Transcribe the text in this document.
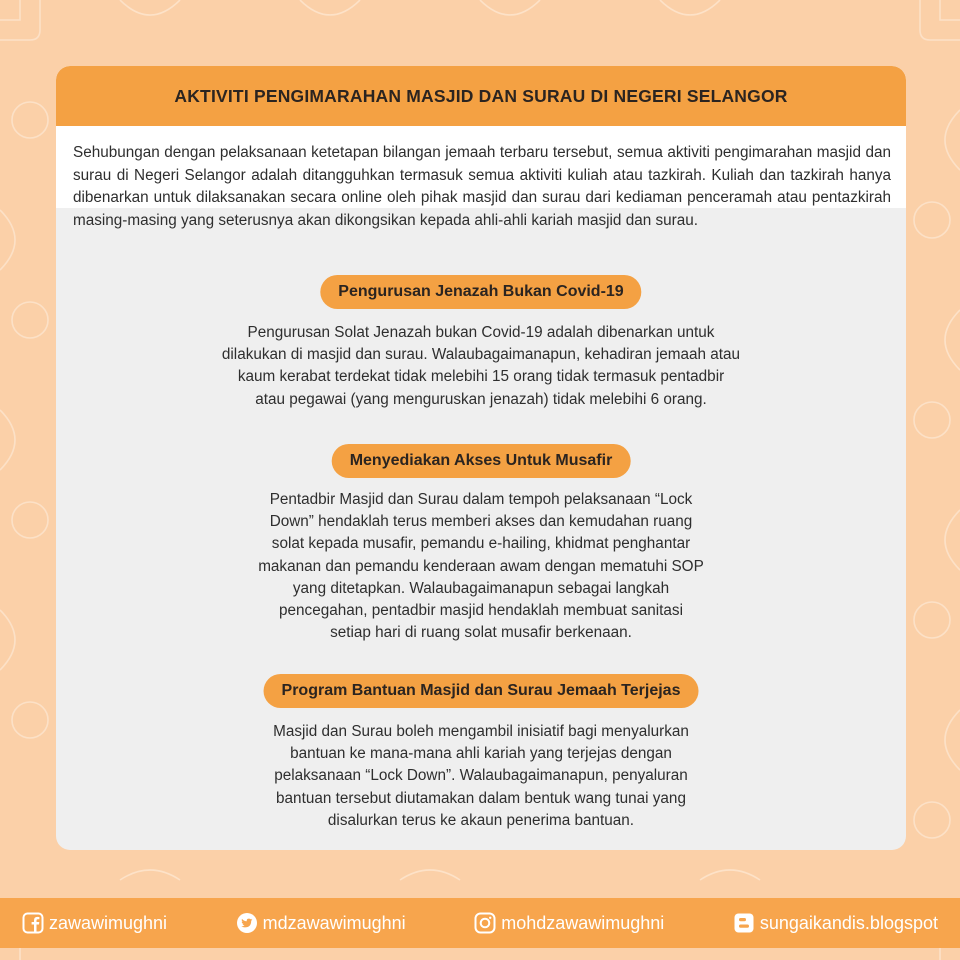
AKTIVITI PENGIMARAHAN MASJID DAN SURAU DI NEGERI SELANGOR
Sehubungan dengan pelaksanaan ketetapan bilangan jemaah terbaru tersebut, semua aktiviti pengimarahan masjid dan surau di Negeri Selangor adalah ditangguhkan termasuk semua aktiviti kuliah atau tazkirah. Kuliah dan tazkirah hanya dibenarkan untuk dilaksanakan secara online oleh pihak masjid dan surau dari kediaman penceramah atau pentazkirah masing-masing yang seterusnya akan dikongsikan kepada ahli-ahli kariah masjid dan surau.
Pengurusan Jenazah Bukan Covid-19
Pengurusan Solat Jenazah bukan Covid-19 adalah dibenarkan untuk
dilakukan di masjid dan surau. Walaubagaimanapun, kehadiran jemaah atau
kaum kerabat terdekat tidak melebihi 15 orang tidak termasuk pentadbir
atau pegawai (yang menguruskan jenazah) tidak melebihi 6 orang.
Menyediakan Akses Untuk Musafir
Pentadbir Masjid dan Surau dalam tempoh pelaksanaan “Lock
Down” hendaklah terus memberi akses dan kemudahan ruang
solat kepada musafir, pemandu e-hailing, khidmat penghantar
makanan dan pemandu kenderaan awam dengan mematuhi SOP
yang ditetapkan. Walaubagaimanapun sebagai langkah
pencegahan, pentadbir masjid hendaklah membuat sanitasi
setiap hari di ruang solat musafir berkenaan.
Program Bantuan Masjid dan Surau Jemaah Terjejas
Masjid dan Surau boleh mengambil inisiatif bagi menyalurkan
bantuan ke mana-mana ahli kariah yang terjejas dengan
pelaksanaan “Lock Down”. Walaubagaimanapun, penyaluran
bantuan tersebut diutamakan dalam bentuk wang tunai yang
disalurkan terus ke akaun penerima bantuan.
zawawimughni	mdzawawimughni	mohdzawawimughni	sungaikandis.blogspot
